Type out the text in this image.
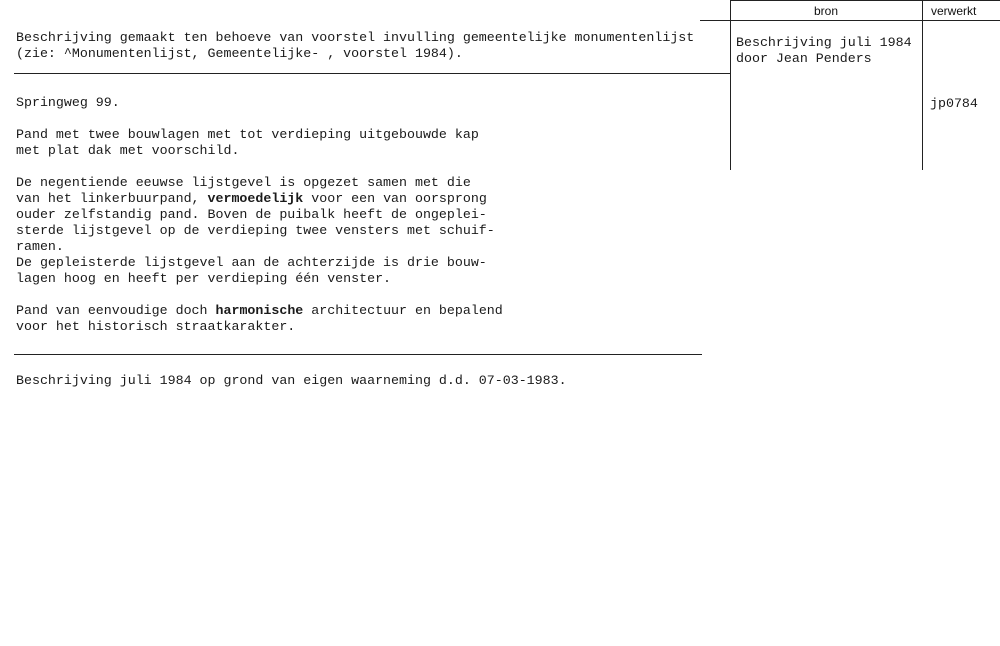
bron	verwerkt
Beschrijving gemaakt ten behoeve van voorstel invulling gemeentelijke monumentenlijst
(zie: ^Monumentenlijst, Gemeentelijke- , voorstel 1984).
Beschrijving juli 1984
door Jean Penders
jp0784
Springweg 99.
Pand met twee bouwlagen met tot verdieping uitgebouwde kap
met plat dak met voorschild.
De negentiende eeuwse lijstgevel is opgezet samen met die
van het linkerbuurpand, vermoedelijk voor een van oorsprong
ouder zelfstandig pand. Boven de puibalk heeft de ongeplei-
sterde lijstgevel op de verdieping twee vensters met schuif-
ramen.
De gepleisterde lijstgevel aan de achterzijde is drie bouw-
lagen hoog en heeft per verdieping één venster.
Pand van eenvoudige doch harmonische architectuur en bepalend
voor het historisch straatkarakter.
Beschrijving juli 1984 op grond van eigen waarneming d.d. 07-03-1983.
